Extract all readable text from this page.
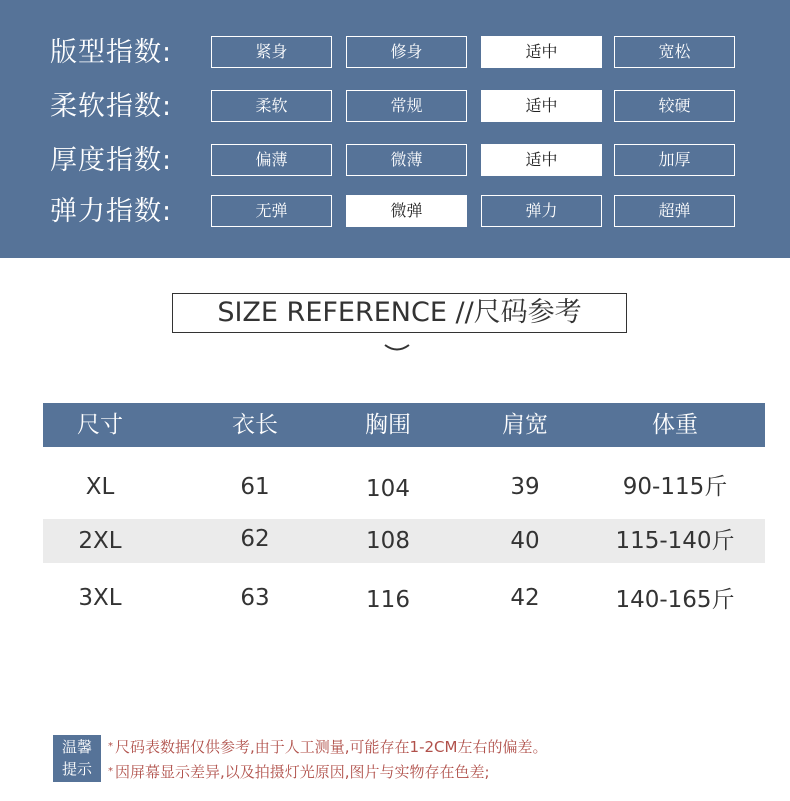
版型指数:	紧身	修身	适中	宽松
柔软指数:	柔软	常规	适中	较硬
厚度指数:	偏薄	微薄	适中	加厚
弹力指数:	无弹	微弹	弹力	超弹
SIZE REFERENCE //尺码参考
尺寸	衣长	胸围	肩宽	体重
XL	61	104	39	90-115斤
2XL	62	108	40	115-140斤
3XL	63	116	42	140-165斤
温馨
提示
* 尺码表数据仅供参考,由于人工测量,可能存在1-2CM左右的偏差。
* 因屏幕显示差异,以及拍摄灯光原因,图片与实物存在色差;
